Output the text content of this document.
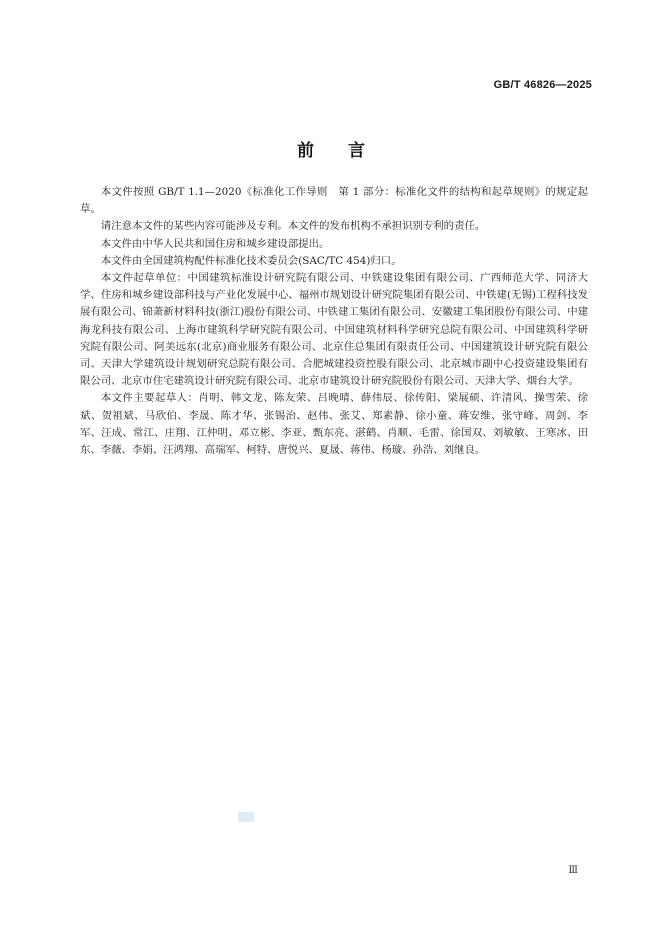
GB/T 46826—2025
前言

本文件按照 GB/T 1.1—2020《标准化工作导则　第 1 部分：标准化文件的结构和起草规则》的规定起草。

请注意本文件的某些内容可能涉及专利。本文件的发布机构不承担识别专利的责任。

本文件由中华人民共和国住房和城乡建设部提出。

本文件由全国建筑构配件标准化技术委员会(SAC/TC 454)归口。

本文件起草单位：中国建筑标准设计研究院有限公司、中铁建设集团有限公司、广西师范大学、同济大学、住房和城乡建设部科技与产业化发展中心、福州市规划设计研究院集团有限公司、中铁建(无锡)工程科技发展有限公司、锦萧新材料科技(浙江)股份有限公司、中铁建工集团有限公司、安徽建工集团股份有限公司、中建海龙科技有限公司、上海市建筑科学研究院有限公司、中国建筑材料科学研究总院有限公司、中国建筑科学研究院有限公司、阿美远东(北京)商业服务有限公司、北京住总集团有限责任公司、中国建筑设计研究院有限公司、天津大学建筑设计规划研究总院有限公司、合肥城建投资控股有限公司、北京城市副中心投资建设集团有限公司、北京市住宅建筑设计研究院有限公司、北京市建筑设计研究院股份有限公司、天津大学、烟台大学。

本文件主要起草人：肖明、韩文龙、陈友荣、吕晚晴、薛伟辰、徐传阳、梁展硕、许清风、操雪荣、徐斌、贺祖斌、马欣伯、李晟、陈才华、张锡治、赵伟、张艾、郑素静、徐小童、蒋安维、张守峰、周剑、李军、汪成、常江、庄翔、江仲明、邓立彬、李亚、甄东亮、湛鹤、肖顺、毛雷、徐国双、刘敏敏、王寒冰、田东、李薇、李娟、汪鸿翔、高瑞军、柯特、唐悦兴、夏晟、蒋伟、杨璇、孙浩、刘继良。

Ⅲ
